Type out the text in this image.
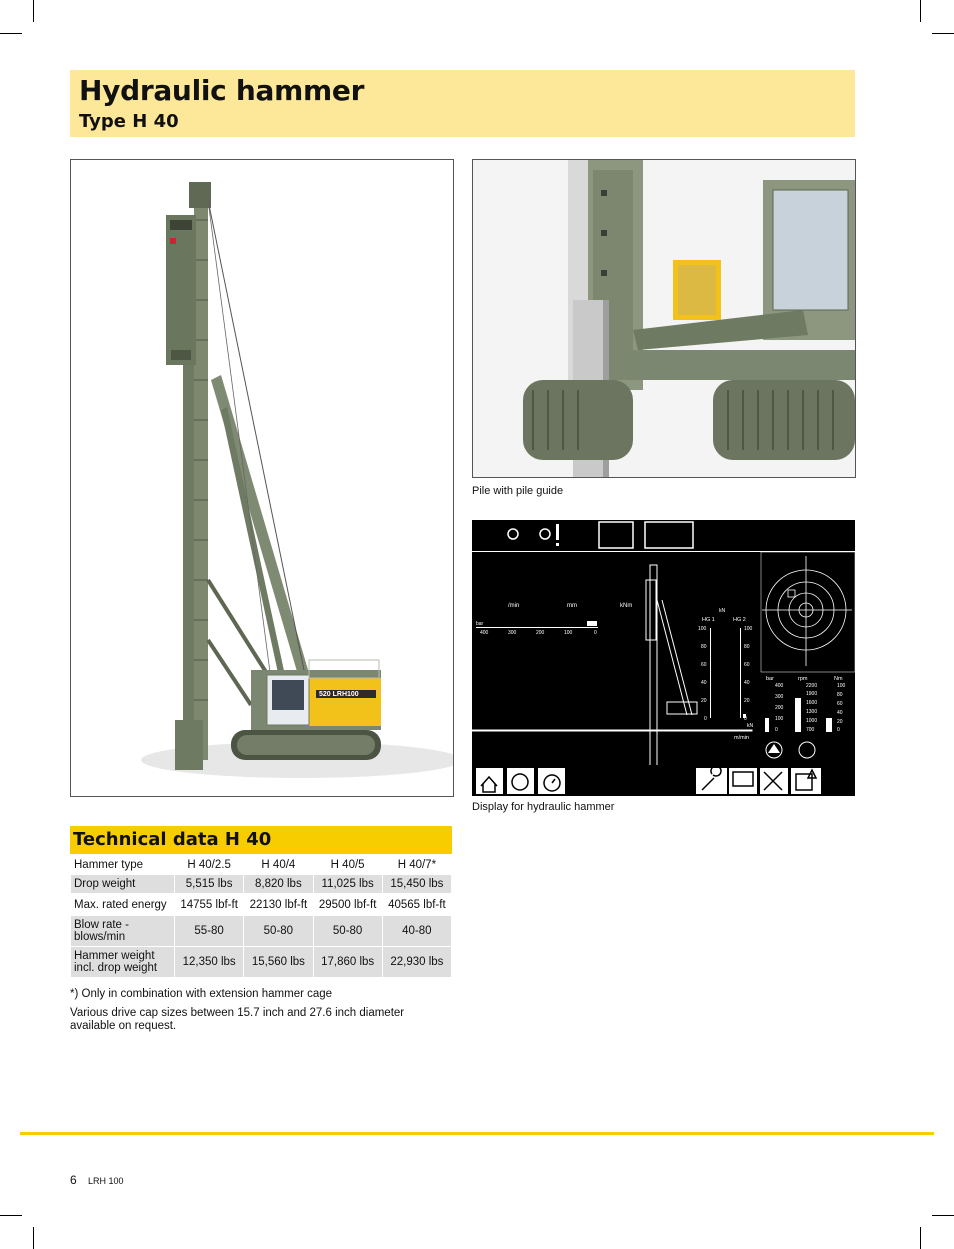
Hydraulic hammer
Type H 40
520 LRH100
Pile with pile guide
/min	mm	kNm
bar
400	300	200	100	0
kN
HG 1	HG 2
100
80
60
40
20
0
100
80
60
40
20
0
kN
m/min
bar	rpm	Nm
400
300
200
100
0
2200
1900
1600
1300
1000
700
100
80
60
40
20
0
Display for hydraulic hammer
Technical data H 40
Hammer type	H 40/2.5	H 40/4	H 40/5	H 40/7*
Drop weight	5,515 lbs	8,820 lbs	11,025 lbs	15,450 lbs
Max. rated energy	14755 lbf-ft	22130 lbf-ft	29500 lbf-ft	40565 lbf-ft
Blow rate - blows/min	55-80	50-80	50-80	40-80
Hammer weight incl. drop weight	12,350 lbs	15,560 lbs	17,860 lbs	22,930 lbs
*) Only in combination with extension hammer cage
Various drive cap sizes between 15.7 inch and 27.6 inch diameter available on request.
6 LRH 100
